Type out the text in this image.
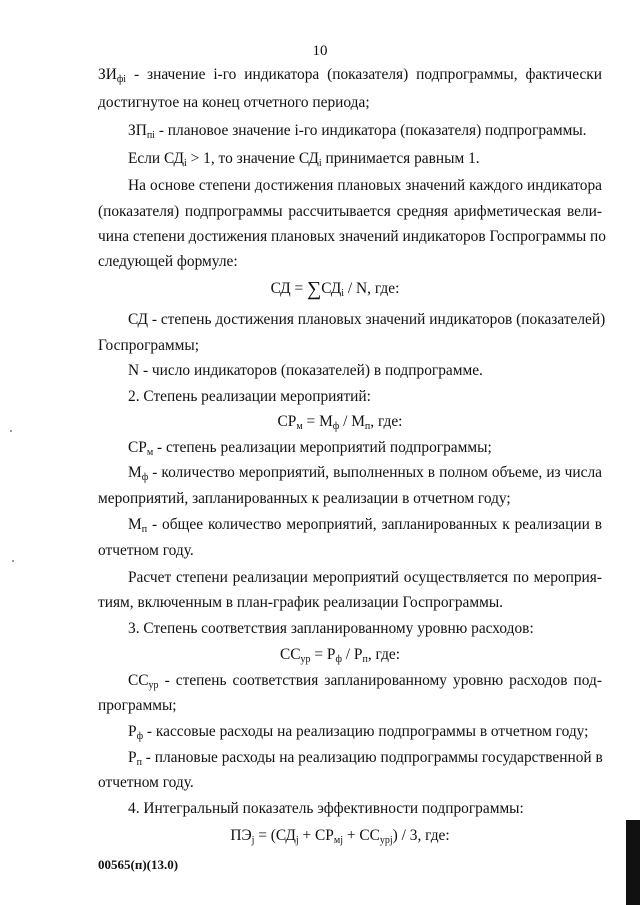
10
$ЗИ_{фi}$ - значение i-го индикатора (показателя) подпрограммы, фактически
достигнутое на конец отчетного периода;
$ЗП_{пi}$ - плановое значение i-го индикатора (показателя) подпрограммы.
Если $СД_i > 1$, то значение $СД_i$ принимается равным 1.
На основе степени достижения плановых значений каждого индикатора
(показателя) подпрограммы рассчитывается средняя арифметическая вели-
чина степени достижения плановых значений индикаторов Госпрограммы по
следующей формуле:
СД = $\sum СД_i$ / N, где:
СД - степень достижения плановых значений индикаторов (показателей)
Госпрограммы;
N - число индикаторов (показателей) в подпрограмме.
2. Степень реализации мероприятий:
$СР_м = М_ф / М_п$, где:
$СР_м$ - степень реализации мероприятий подпрограммы;
$М_ф$ - количество мероприятий, выполненных в полном объеме, из числа
мероприятий, запланированных к реализации в отчетном году;
$М_п$ - общее количество мероприятий, запланированных к реализации в
отчетном году.
Расчет степени реализации мероприятий осуществляется по мероприя-
тиям, включенным в план-график реализации Госпрограммы.
3. Степень соответствия запланированному уровню расходов:
$СС_{ур} = Р_ф / Р_п$, где:
$СС_{ур}$ - степень соответствия запланированному уровню расходов под-
программы;
$Р_ф$ - кассовые расходы на реализацию подпрограммы в отчетном году;
$Р_п$ - плановые расходы на реализацию подпрограммы государственной в
отчетном году.
4. Интегральный показатель эффективности подпрограммы:
$ПЭ_j = (СД_j + СР_{мj} + СС_{урj}) / 3$, где:
00565(п)(13.0)
